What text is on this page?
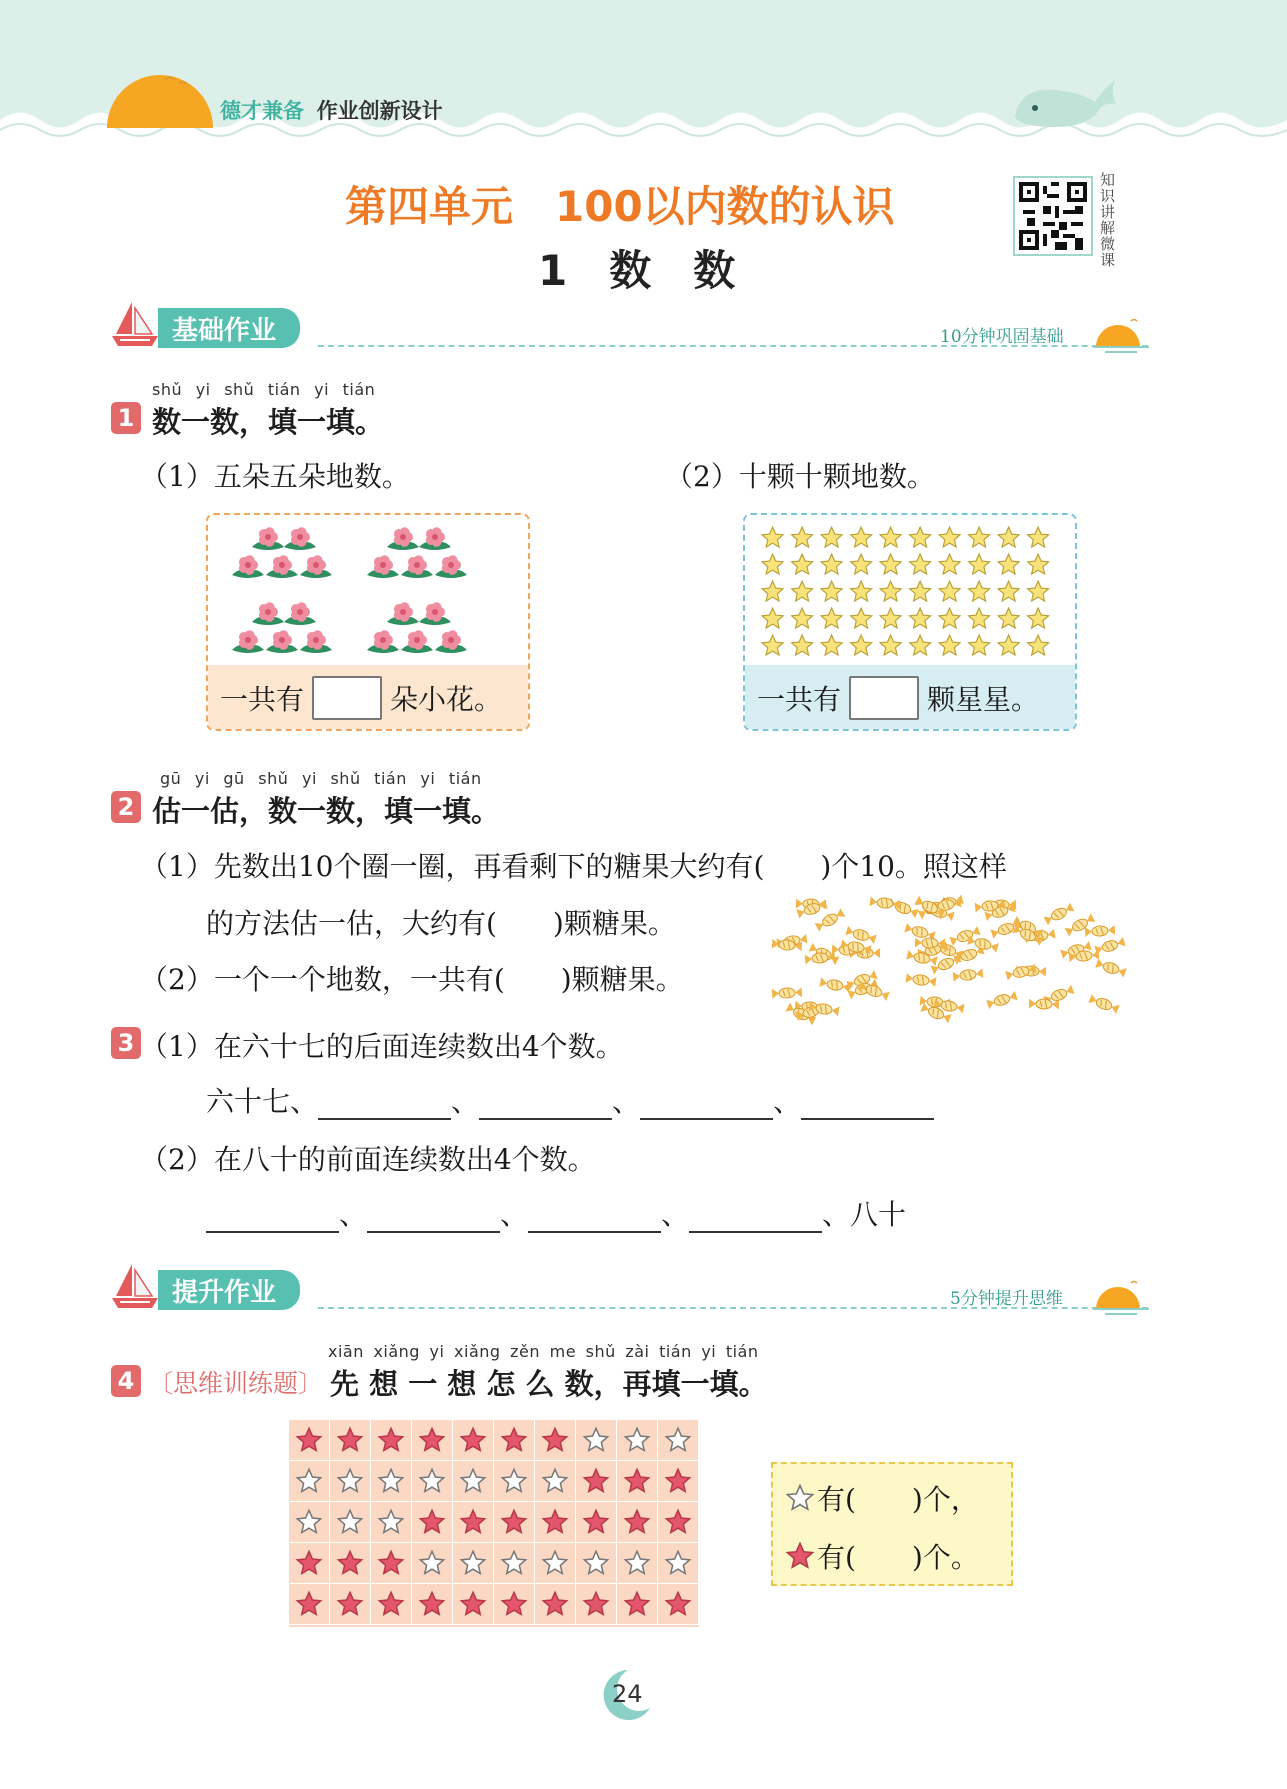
德才兼备 作业创新设计
第四单元　100以内数的认识
1　数　数
知识讲解微课
基础作业	10分钟巩固基础
shǔ yi shǔ tián yi tián
1 数一数，填一填。
（1）五朵五朵地数。	（2）十颗十颗地数。
一共有	朵小花。	一共有	颗星星。
gū yi gū shǔ yi shǔ tián yi tián
2 估一估，数一数，填一填。
（1）先数出10个圈一圈，再看剩下的糖果大约有(　　)个10。照这样
的方法估一估，大约有(　　)颗糖果。
（2）一个一个地数，一共有(　　)颗糖果。
3 （1）在六十七的后面连续数出4个数。
六十七、	、	、	、
（2）在八十的前面连续数出4个数。
、	、	、	、八十
提升作业	5分钟提升思维
xiān xiǎng yi xiǎng zěn me shǔ zài tián yi tián
4 〔思维训练题〕 先 想 一 想 怎 么 数，再填一填。
有(　　)个，
有(　　)个。
24
